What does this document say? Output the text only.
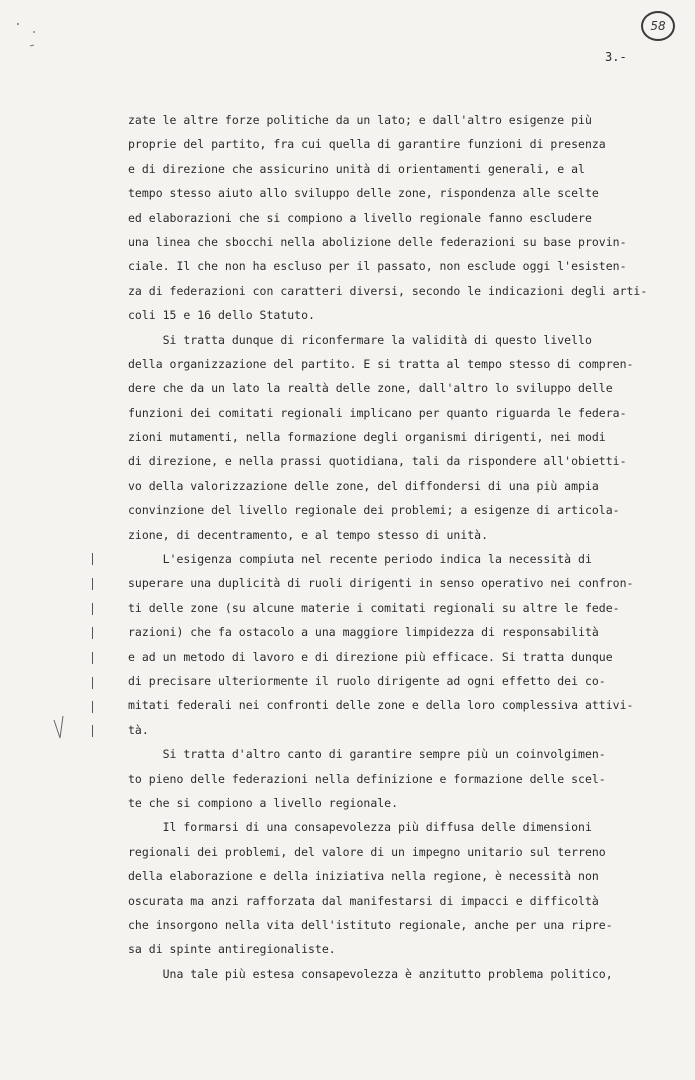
58
3.-
zate le altre forze politiche da un lato; e dall'altro esigenze più
proprie del partito, fra cui quella di garantire funzioni di presenza
e di direzione che assicurino unità di orientamenti generali, e al
tempo stesso aiuto allo sviluppo delle zone, rispondenza alle scelte
ed elaborazioni che si compiono a livello regionale fanno escludere
una linea che sbocchi nella abolizione delle federazioni su base provin-
ciale. Il che non ha escluso per il passato, non esclude oggi l'esisten-
za di federazioni con caratteri diversi, secondo le indicazioni degli arti-
coli 15 e 16 dello Statuto.
Si tratta dunque di riconfermare la validità di questo livello
della organizzazione del partito. E si tratta al tempo stesso di compren-
dere che da un lato la realtà delle zone, dall'altro lo sviluppo delle
funzioni dei comitati regionali implicano per quanto riguarda le federa-
zioni mutamenti, nella formazione degli organismi dirigenti, nei modi
di direzione, e nella prassi quotidiana, tali da rispondere all'obietti-
vo della valorizzazione delle zone, del diffondersi di una più ampia
convinzione del livello regionale dei problemi; a esigenze di articola-
zione, di decentramento, e al tempo stesso di unità.
L'esigenza compiuta nel recente periodo indica la necessità di
superare una duplicità di ruoli dirigenti in senso operativo nei confron-
ti delle zone (su alcune materie i comitati regionali su altre le fede-
razioni) che fa ostacolo a una maggiore limpidezza di responsabilità
e ad un metodo di lavoro e di direzione più efficace. Si tratta dunque
di precisare ulteriormente il ruolo dirigente ad ogni effetto dei co-
mitati federali nei confronti delle zone e della loro complessiva attivi-
tà.
Si tratta d'altro canto di garantire sempre più un coinvolgimen-
to pieno delle federazioni nella definizione e formazione delle scel-
te che si compiono a livello regionale.
Il formarsi di una consapevolezza più diffusa delle dimensioni
regionali dei problemi, del valore di un impegno unitario sul terreno
della elaborazione e della iniziativa nella regione, è necessità non
oscurata ma anzi rafforzata dal manifestarsi di impacci e difficoltà
che insorgono nella vita dell'istituto regionale, anche per una ripre-
sa di spinte antiregionaliste.
Una tale più estesa consapevolezza è anzitutto problema politico,
